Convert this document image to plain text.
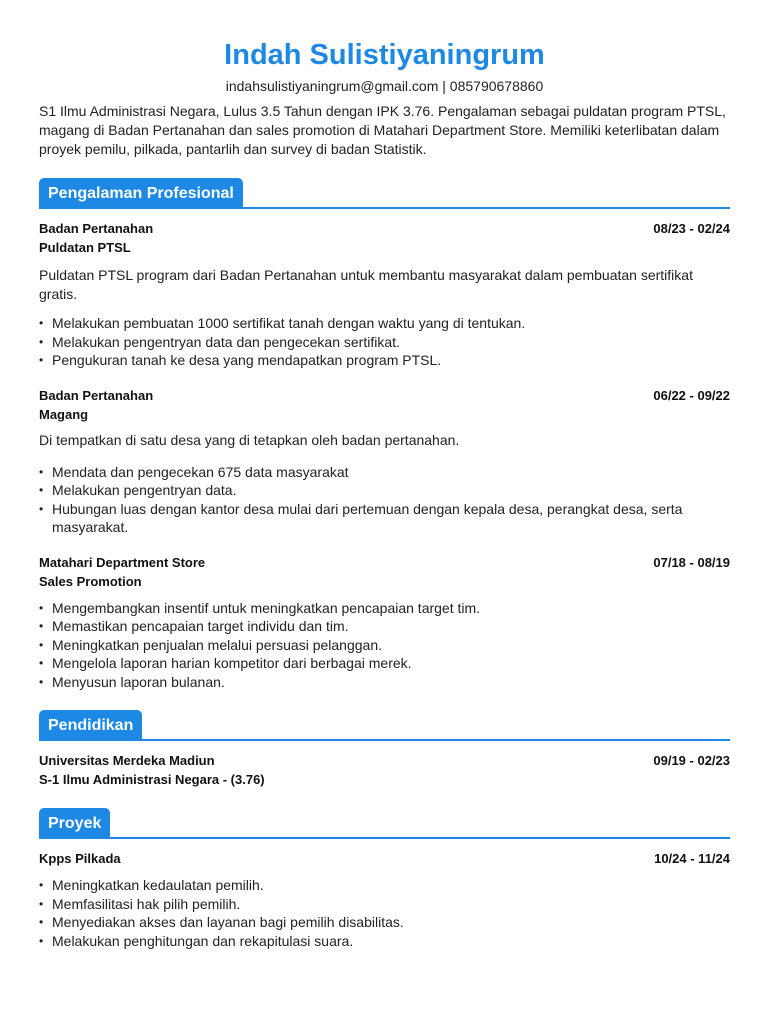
Indah Sulistiyaningrum
indahsulistiyaningrum@gmail.com | 085790678860
S1 Ilmu Administrasi Negara, Lulus 3.5 Tahun dengan IPK 3.76. Pengalaman sebagai puldatan program PTSL, magang di Badan Pertanahan dan sales promotion di Matahari Department Store. Memiliki keterlibatan dalam proyek pemilu, pilkada, pantarlih dan survey di badan Statistik.
Pengalaman Profesional
Badan Pertanahan	08/23 - 02/24
Puldatan PTSL
Puldatan PTSL program dari Badan Pertanahan untuk membantu masyarakat dalam pembuatan sertifikat gratis.
• Melakukan pembuatan 1000 sertifikat tanah dengan waktu yang di tentukan.
• Melakukan pengentryan data dan pengecekan sertifikat.
• Pengukuran tanah ke desa yang mendapatkan program PTSL.
Badan Pertanahan	06/22 - 09/22
Magang
Di tempatkan di satu desa yang di tetapkan oleh badan pertanahan.
• Mendata dan pengecekan 675 data masyarakat
• Melakukan pengentryan data.
• Hubungan luas dengan kantor desa mulai dari pertemuan dengan kepala desa, perangkat desa, serta masyarakat.
Matahari Department Store	07/18 - 08/19
Sales Promotion
• Mengembangkan insentif untuk meningkatkan pencapaian target tim.
• Memastikan pencapaian target individu dan tim.
• Meningkatkan penjualan melalui persuasi pelanggan.
• Mengelola laporan harian kompetitor dari berbagai merek.
• Menyusun laporan bulanan.
Pendidikan
Universitas Merdeka Madiun	09/19 - 02/23
S-1 Ilmu Administrasi Negara - (3.76)
Proyek
Kpps Pilkada	10/24 - 11/24
• Meningkatkan kedaulatan pemilih.
• Memfasilitasi hak pilih pemilih.
• Menyediakan akses dan layanan bagi pemilih disabilitas.
• Melakukan penghitungan dan rekapitulasi suara.
